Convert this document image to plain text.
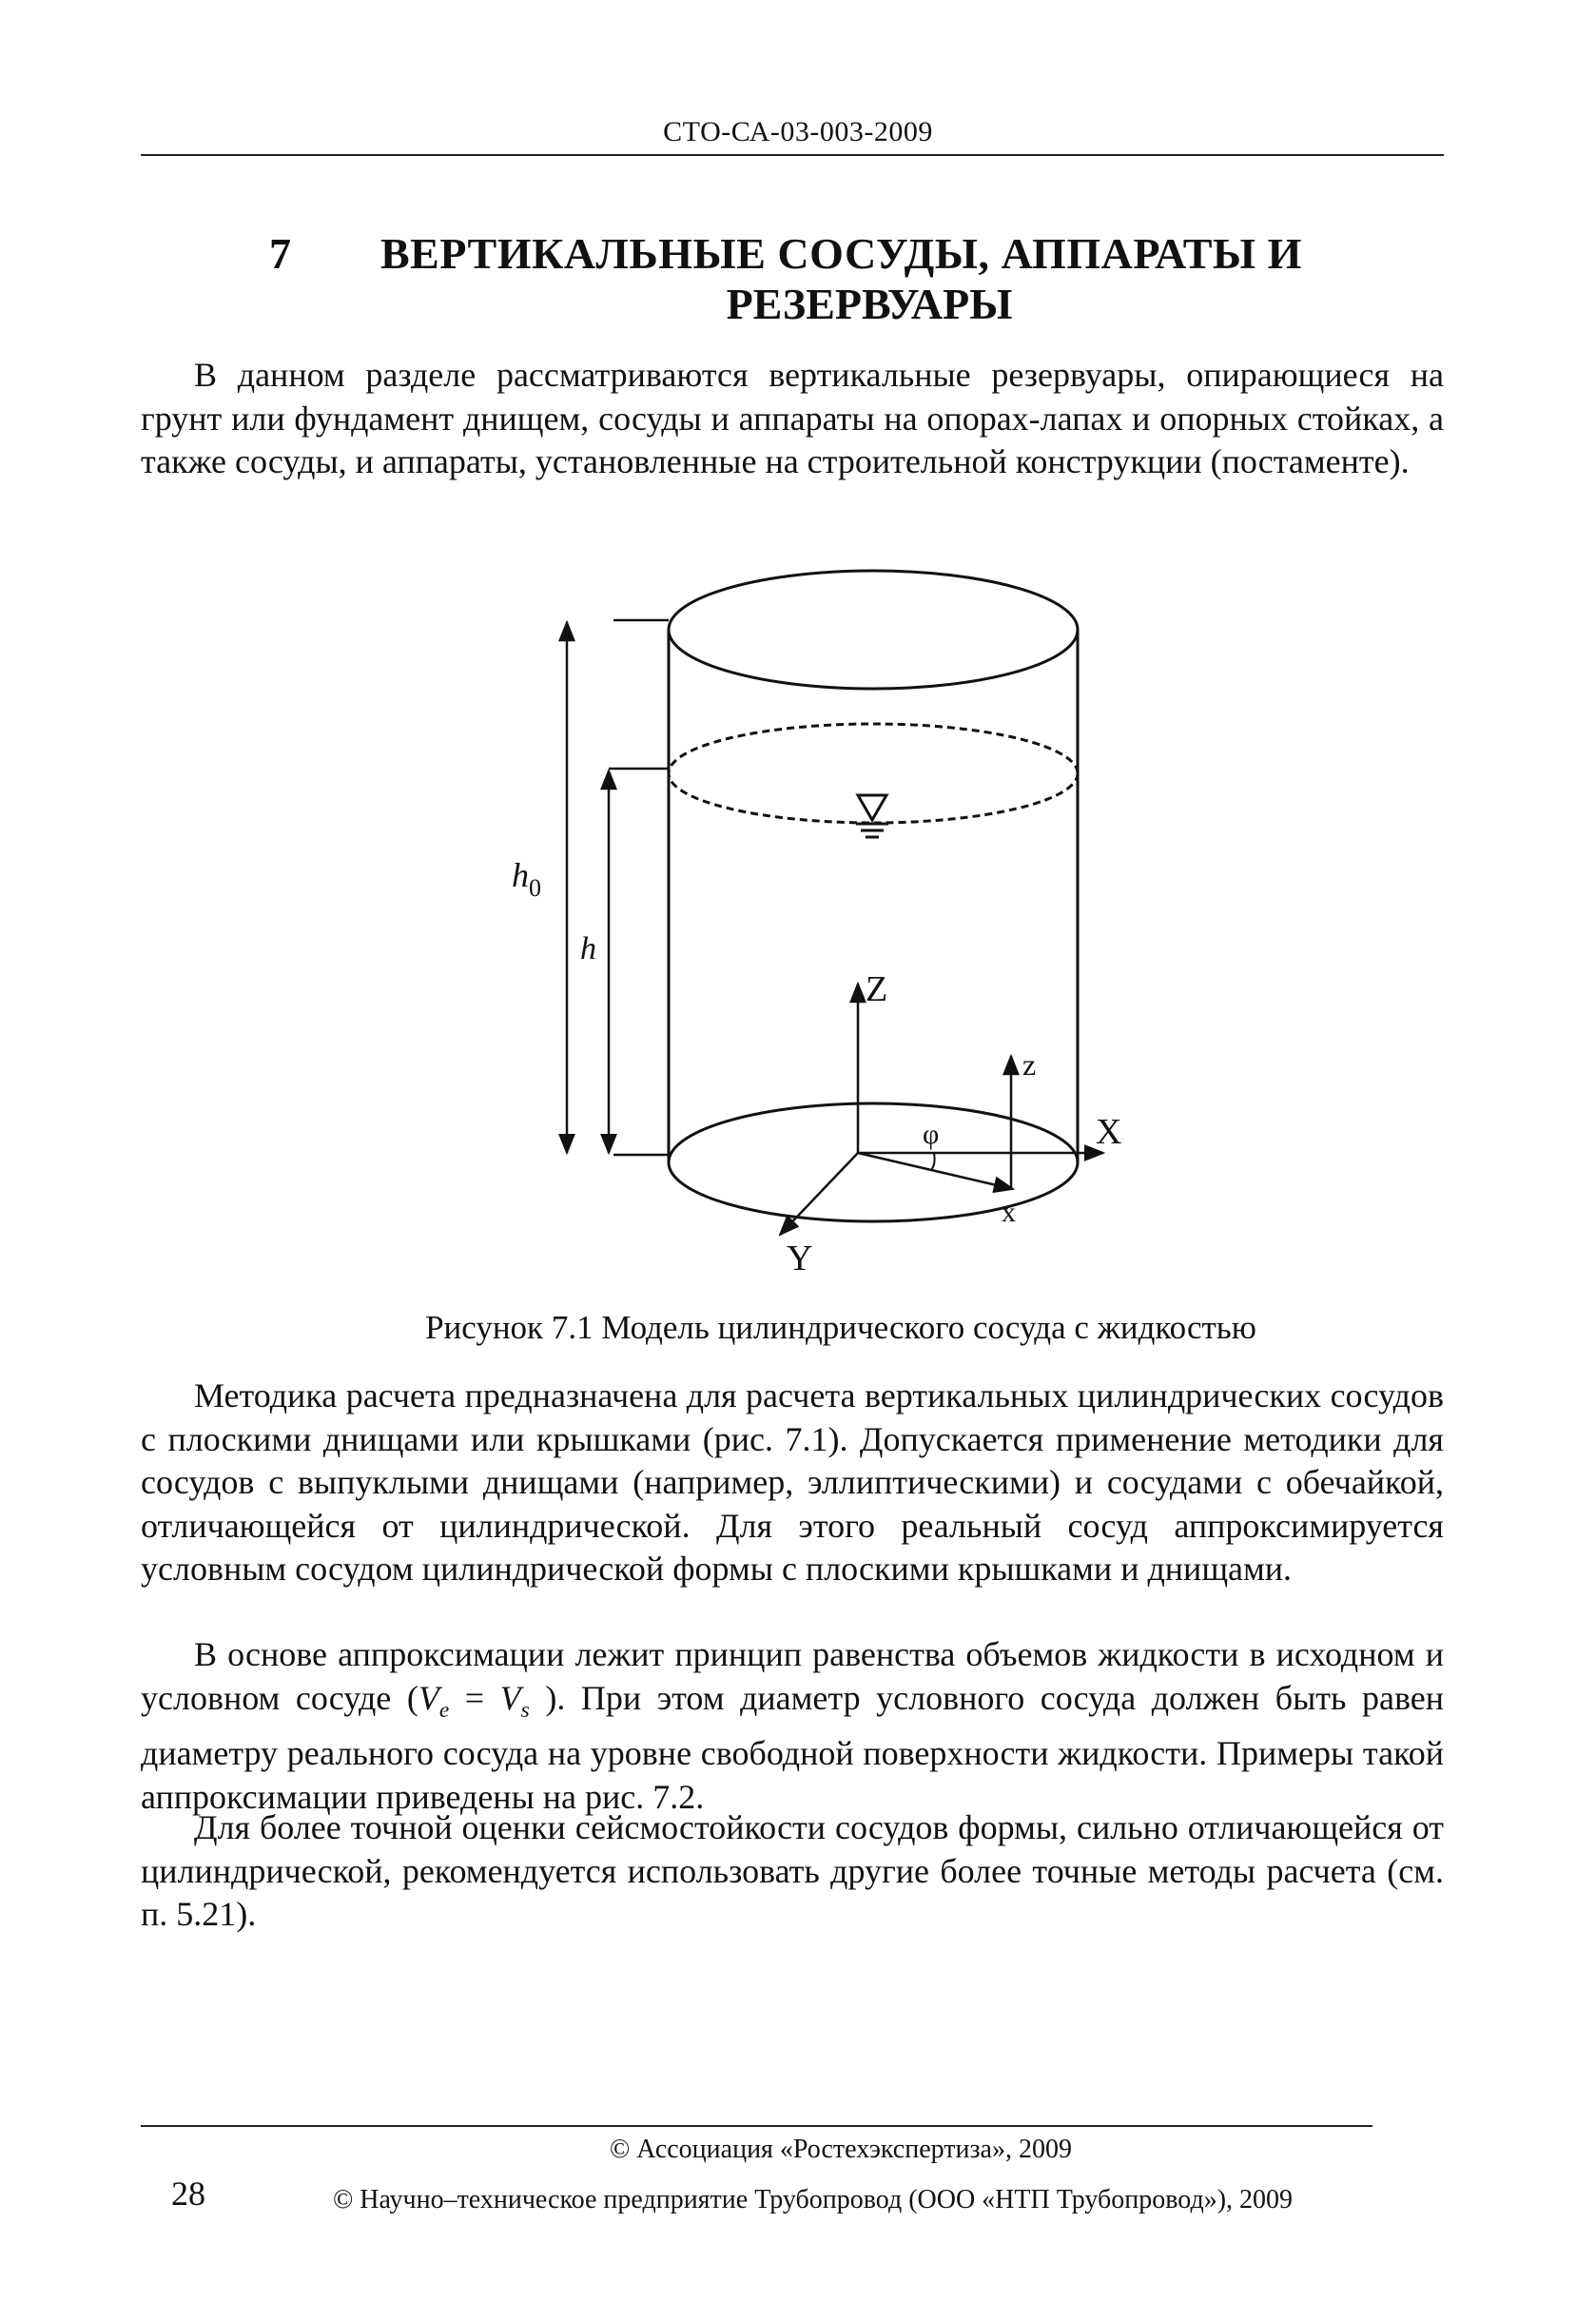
СТО-СА-03-003-2009
7 ВЕРТИКАЛЬНЫЕ СОСУДЫ, АППАРАТЫ И
РЕЗЕРВУАРЫ

В данном разделе рассматриваются вертикальные резервуары, опирающиеся на грунт или фундамент днищем, сосуды и аппараты на опорах-лапах и опорных стойках, а также сосуды, и аппараты, установленные на строительной конструкции (постаменте).

$h_0$
h
Z
z
X
x
Y
φ
Рисунок 7.1 Модель цилиндрического сосуда с жидкостью

Методика расчета предназначена для расчета вертикальных цилиндрических сосудов с плоскими днищами или крышками (рис. 7.1). Допускается применение методики для сосудов с выпуклыми днищами (например, эллиптическими) и сосудами с обечайкой, отличающейся от цилиндрической. Для этого реальный сосуд аппроксимируется условным сосудом цилиндрической формы с плоскими крышками и днищами.

В основе аппроксимации лежит принцип равенства объемов жидкости в исходном и условном сосуде ($V_e = V_s$ ). При этом диаметр условного сосуда должен быть равен диаметру реального сосуда на уровне свободной поверхности жидкости. Примеры такой аппроксимации приведены на рис. 7.2.

Для более точной оценки сейсмостойкости сосудов формы, сильно отличающейся от цилиндрической, рекомендуется использовать другие более точные методы расчета (см. п. 5.21).

© Ассоциация «Ростехэкспертиза», 2009
28	© Научно–техническое предприятие Трубопровод (ООО «НТП Трубопровод»), 2009
